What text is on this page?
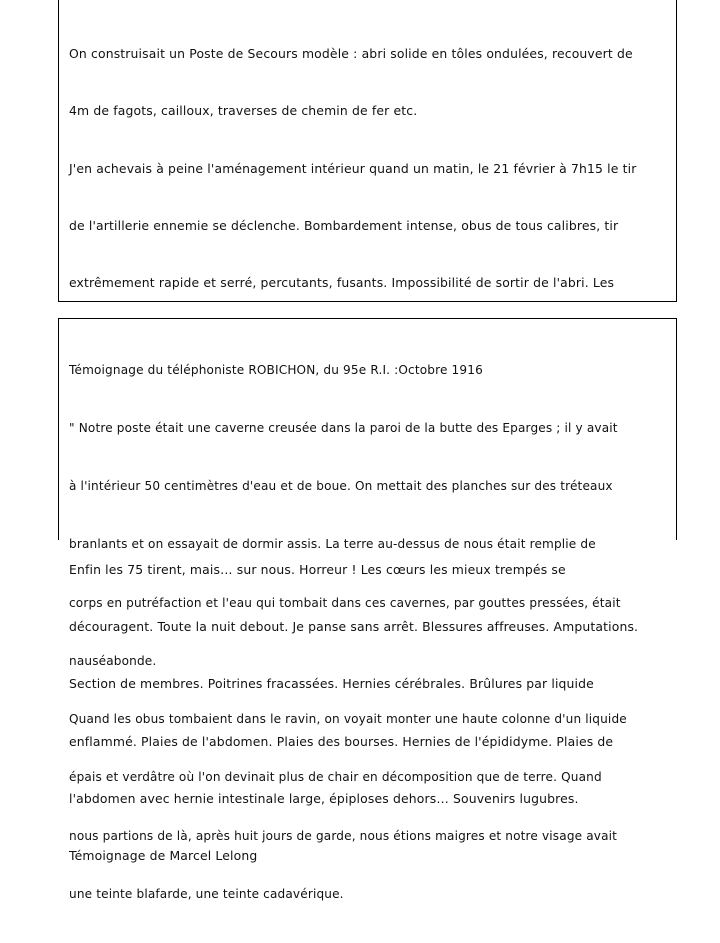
On construisait un Poste de Secours modèle : abri solide en tôles ondulées, recouvert de

4m de fagots, cailloux, traverses de chemin de fer etc.

J'en achevais à peine l'aménagement intérieur quand un matin, le 21 février à 7h15 le tir

de l'artillerie ennemie se déclenche. Bombardement intense, obus de tous calibres, tir

extrêmement rapide et serré, percutants, fusants. Impossibilité de sortir de l'abri. Les

Enfin les 75 tirent, mais… sur nous. Horreur ! Les cœurs les mieux trempés se

découragent. Toute la nuit debout. Je panse sans arrêt. Blessures affreuses. Amputations.

Section de membres. Poitrines fracassées. Hernies cérébrales. Brûlures par liquide

enflammé. Plaies de l'abdomen. Plaies des bourses. Hernies de l'épididyme. Plaies de

l'abdomen avec hernie intestinale large, épiploses dehors… Souvenirs lugubres.

Témoignage de Marcel Lelong

Témoignage du téléphoniste ROBICHON, du 95e R.I. :Octobre 1916

" Notre poste était une caverne creusée dans la paroi de la butte des Eparges ; il y avait

à l'intérieur 50 centimètres d'eau et de boue. On mettait des planches sur des tréteaux

branlants et on essayait de dormir assis. La terre au-dessus de nous était remplie de

corps en putréfaction et l'eau qui tombait dans ces cavernes, par gouttes pressées, était

nauséabonde.

Quand les obus tombaient dans le ravin, on voyait monter une haute colonne d'un liquide

épais et verdâtre où l'on devinait plus de chair en décomposition que de terre. Quand

nous partions de là, après huit jours de garde, nous étions maigres et notre visage avait

une teinte blafarde, une teinte cadavérique.
